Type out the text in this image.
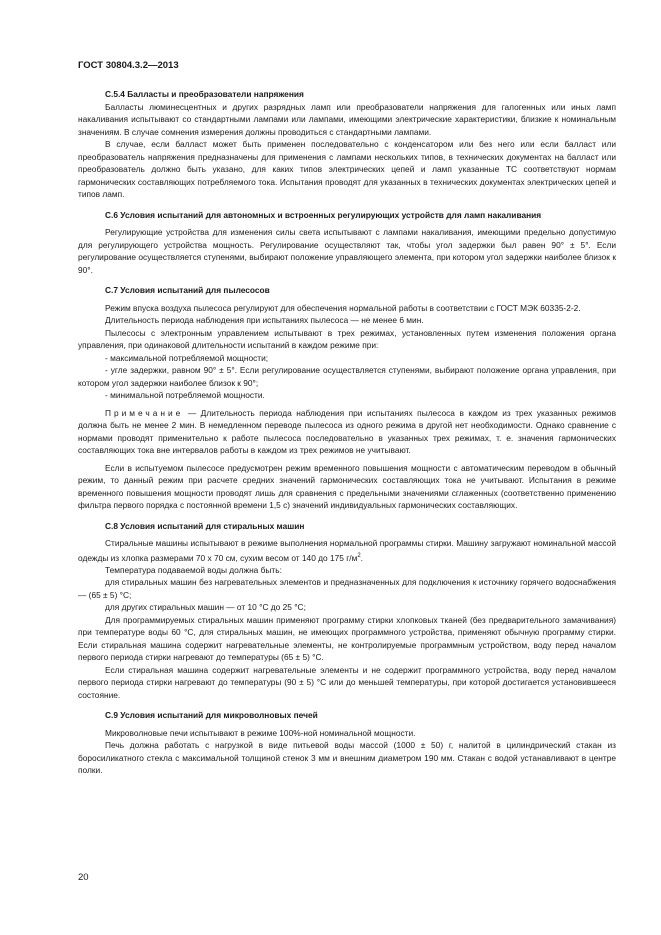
ГОСТ 30804.3.2—2013

С.5.4 Балласты и преобразователи напряжения

Балласты люминесцентных и других разрядных ламп или преобразователи напряжения для галогенных или иных ламп накаливания испытывают со стандартными лампами или лампами, имеющими электрические характеристики, близкие к номинальным значениям. В случае сомнения измерения должны проводиться с стандартными лампами.

В случае, если балласт может быть применен последовательно с конденсатором или без него или если балласт или преобразователь напряжения предназначены для применения с лампами нескольких типов, в технических документах на балласт или преобразователь должно быть указано, для каких типов электрических цепей и ламп указанные ТС соответствуют нормам гармонических составляющих потребляемого тока. Испытания проводят для указанных в технических документах электрических цепей и типов ламп.

С.6 Условия испытаний для автономных и встроенных регулирующих устройств для ламп накаливания

Регулирующие устройства для изменения силы света испытывают с лампами накаливания, имеющими предельно допустимую для регулирующего устройства мощность. Регулирование осуществляют так, чтобы угол задержки был равен 90° ± 5°. Если регулирование осуществляется ступенями, выбирают положение управляющего элемента, при котором угол задержки наиболее близок к 90°.

С.7 Условия испытаний для пылесосов

Режим впуска воздуха пылесоса регулируют для обеспечения нормальной работы в соответствии с ГОСТ МЭК 60335-2-2.

Длительность периода наблюдения при испытаниях пылесоса — не менее 6 мин.

Пылесосы с электронным управлением испытывают в трех режимах, установленных путем изменения положения органа управления, при одинаковой длительности испытаний в каждом режиме при:

- максимальной потребляемой мощности;

- угле задержки, равном 90° ± 5°. Если регулирование осуществляется ступенями, выбирают положение органа управления, при котором угол задержки наиболее близок к 90°;

- минимальной потребляемой мощности.

Примечание — Длительность периода наблюдения при испытаниях пылесоса в каждом из трех указанных режимов должна быть не менее 2 мин. В немедленном переводе пылесоса из одного режима в другой нет необходимости. Однако сравнение с нормами проводят применительно к работе пылесоса последовательно в указанных трех режимах, т. е. значения гармонических составляющих тока вне интервалов работы в каждом из трех режимов не учитывают.

Если в испытуемом пылесосе предусмотрен режим временного повышения мощности с автоматическим переводом в обычный режим, то данный режим при расчете средних значений гармонических составляющих тока не учитывают. Испытания в режиме временного повышения мощности проводят лишь для сравнения с предельными значениями сглаженных (соответственно применению фильтра первого порядка с постоянной времени 1,5 с) значений индивидуальных гармонических составляющих.

С.8 Условия испытаний для стиральных машин

Стиральные машины испытывают в режиме выполнения нормальной программы стирки. Машину загружают номинальной массой одежды из хлопка размерами 70 х 70 см, сухим весом от 140 до 175 $г/м^2$.

Температура подаваемой воды должна быть:

для стиральных машин без нагревательных элементов и предназначенных для подключения к источнику горячего водоснабжения — (65 ± 5) °С;

для других стиральных машин — от 10 °С до 25 °С;

Для программируемых стиральных машин применяют программу стирки хлопковых тканей (без предварительного замачивания) при температуре воды 60 °С, для стиральных машин, не имеющих программного устройства, применяют обычную программу стирки. Если стиральная машина содержит нагревательные элементы, не контролируемые программным устройством, воду перед началом первого периода стирки нагревают до температуры (65 ± 5) °С.

Если стиральная машина содержит нагревательные элементы и не содержит программного устройства, воду перед началом первого периода стирки нагревают до температуры (90 ± 5) °С или до меньшей температуры, при которой достигается установившееся состояние.

С.9 Условия испытаний для микроволновых печей

Микроволновые печи испытывают в режиме 100%-ной номинальной мощности.

Печь должна работать с нагрузкой в виде питьевой воды массой (1000 ± 50) г, налитой в цилиндрический стакан из боросиликатного стекла с максимальной толщиной стенок 3 мм и внешним диаметром 190 мм. Стакан с водой устанавливают в центре полки.

20
